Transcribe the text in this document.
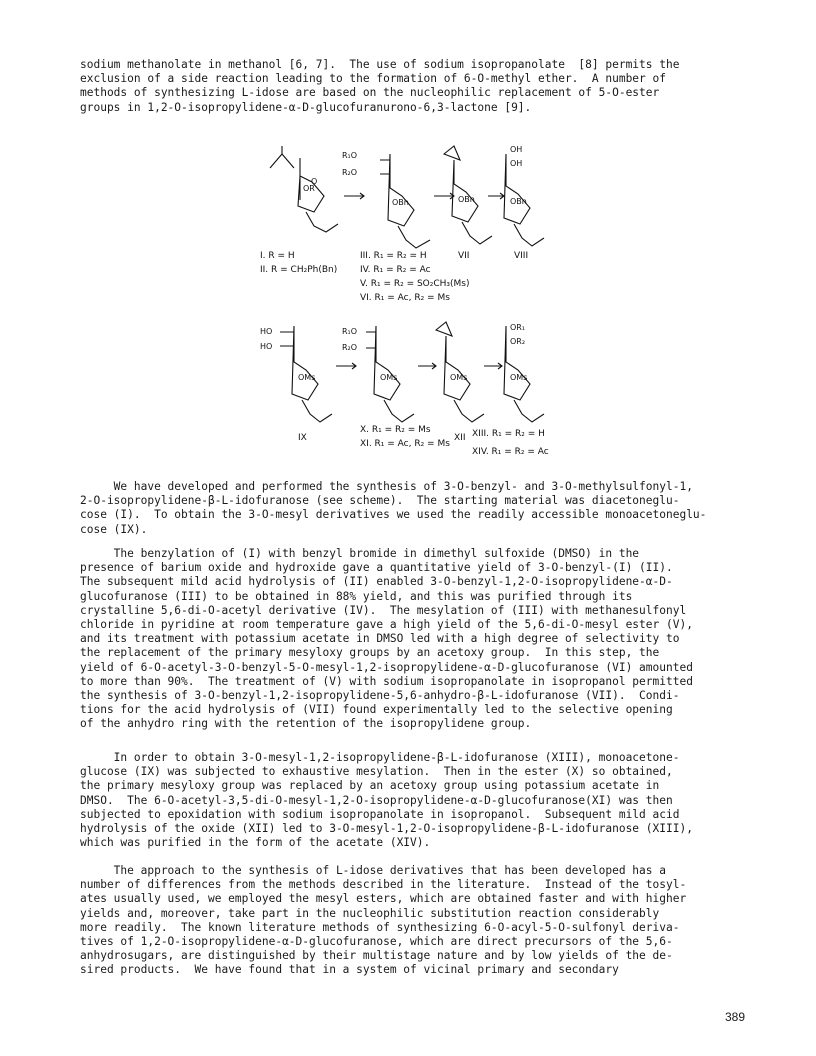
sodium methanolate in methanol [6, 7].  The use of sodium isopropanolate  [8] permits the
exclusion of a side reaction leading to the formation of 6-O-methyl ether.  A number of
methods of synthesizing L-idose are based on the nucleophilic replacement of 5-O-ester
groups in 1,2-O-isopropylidene-α-D-glucofuranurono-6,3-lactone [9].
OR
O
R₁O
R₂O
OBn	OBn
OH
OH
OBn
I. R = H
II. R = CH₂Ph(Bn)
III. R₁ = R₂ = H
IV. R₁ = R₂ = Ac
V. R₁ = R₂ = SO₂CH₃(Ms)
VI. R₁ = Ac, R₂ = Ms
VII	VIII
HO
HO
OMs
R₁O
R₂O
OMs	OMs
OR₁
OR₂
OMs
IX
X. R₁ = R₂ = Ms
XI. R₁ = Ac, R₂ = Ms
XII XIII. R₁ = R₂ = H
XIV. R₁ = R₂ = Ac
We have developed and performed the synthesis of 3-O-benzyl- and 3-O-methylsulfonyl-1,
2-O-isopropylidene-β-L-idofuranose (see scheme).  The starting material was diacetoneglu-
cose (I).  To obtain the 3-O-mesyl derivatives we used the readily accessible monoacetoneglu-
cose (IX).
The benzylation of (I) with benzyl bromide in dimethyl sulfoxide (DMSO) in the
presence of barium oxide and hydroxide gave a quantitative yield of 3-O-benzyl-(I) (II).
The subsequent mild acid hydrolysis of (II) enabled 3-O-benzyl-1,2-O-isopropylidene-α-D-
glucofuranose (III) to be obtained in 88% yield, and this was purified through its
crystalline 5,6-di-O-acetyl derivative (IV).  The mesylation of (III) with methanesulfonyl
chloride in pyridine at room temperature gave a high yield of the 5,6-di-O-mesyl ester (V),
and its treatment with potassium acetate in DMSO led with a high degree of selectivity to
the replacement of the primary mesyloxy groups by an acetoxy group.  In this step, the
yield of 6-O-acetyl-3-O-benzyl-5-O-mesyl-1,2-isopropylidene-α-D-glucofuranose (VI) amounted
to more than 90%.  The treatment of (V) with sodium isopropanolate in isopropanol permitted
the synthesis of 3-O-benzyl-1,2-isopropylidene-5,6-anhydro-β-L-idofuranose (VII).  Condi-
tions for the acid hydrolysis of (VII) found experimentally led to the selective opening
of the anhydro ring with the retention of the isopropylidene group.
In order to obtain 3-O-mesyl-1,2-isopropylidene-β-L-idofuranose (XIII), monoacetone-
glucose (IX) was subjected to exhaustive mesylation.  Then in the ester (X) so obtained,
the primary mesyloxy group was replaced by an acetoxy group using potassium acetate in
DMSO.  The 6-O-acetyl-3,5-di-O-mesyl-1,2-O-isopropylidene-α-D-glucofuranose(XI) was then
subjected to epoxidation with sodium isopropanolate in isopropanol.  Subsequent mild acid
hydrolysis of the oxide (XII) led to 3-O-mesyl-1,2-O-isopropylidene-β-L-idofuranose (XIII),
which was purified in the form of the acetate (XIV).
The approach to the synthesis of L-idose derivatives that has been developed has a
number of differences from the methods described in the literature.  Instead of the tosyl-
ates usually used, we employed the mesyl esters, which are obtained faster and with higher
yields and, moreover, take part in the nucleophilic substitution reaction considerably
more readily.  The known literature methods of synthesizing 6-O-acyl-5-O-sulfonyl deriva-
tives of 1,2-O-isopropylidene-α-D-glucofuranose, which are direct precursors of the 5,6-
anhydrosugars, are distinguished by their multistage nature and by low yields of the de-
sired products.  We have found that in a system of vicinal primary and secondary
389
